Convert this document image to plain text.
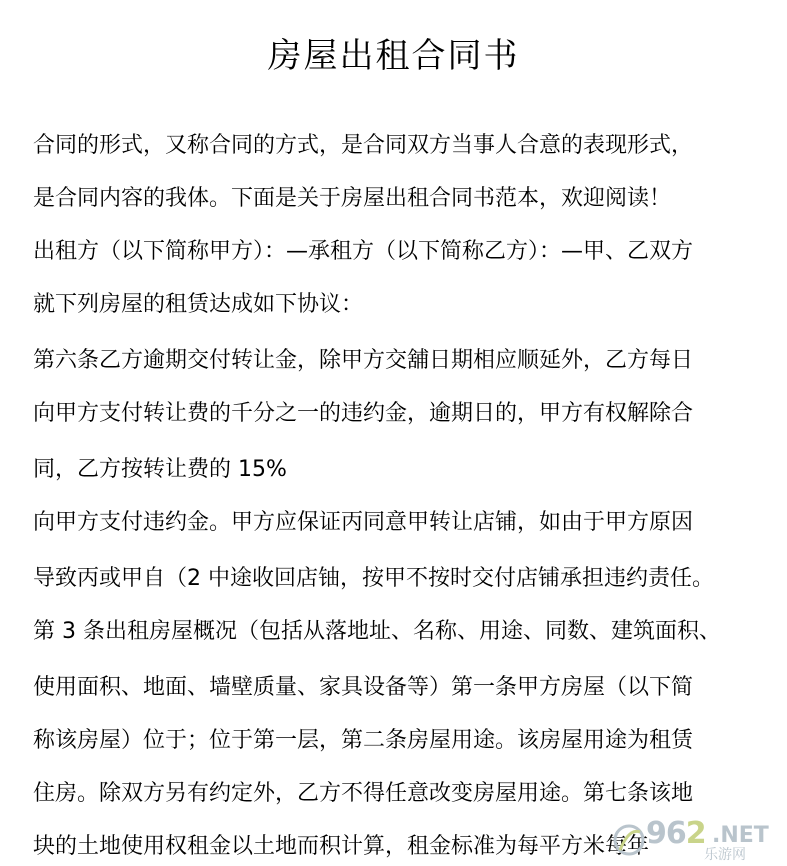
房屋出租合同书
合同的形式，又称合同的方式，是合同双方当事人合意的表现形式，
是合同内容的我体。下面是关于房屋出租合同书范本，欢迎阅读！
出租方（以下简称甲方）：—承租方（以下简称乙方）：—甲、乙双方
就下列房屋的租赁达成如下协议：
第六条乙方逾期交付转让金，除甲方交舖日期相应顺延外，乙方每日
向甲方支付转让费的千分之一的违约金，逾期日的，甲方有权解除合
同，乙方按转让费的 15%
向甲方支付违约金。甲方应保证丙同意甲转让店铺，如由于甲方原因
导致丙或甲自（2 中途收回店铀，按甲不按时交付店铺承担违约责任。
第 3 条出租房屋概况（包括从落地址、名称、用途、同数、建筑面积、
使用面积、地面、墙壁质量、家具设备等）第一条甲方房屋（以下简
称该房屋）位于；位于第一层，第二条房屋用途。该房屋用途为租赁
住房。除双方另有约定外，乙方不得任意改变房屋用途。第七条该地
块的土地使用权租金以土地而积计算，租金标准为每平方米每年
962 .NET
乐游网
